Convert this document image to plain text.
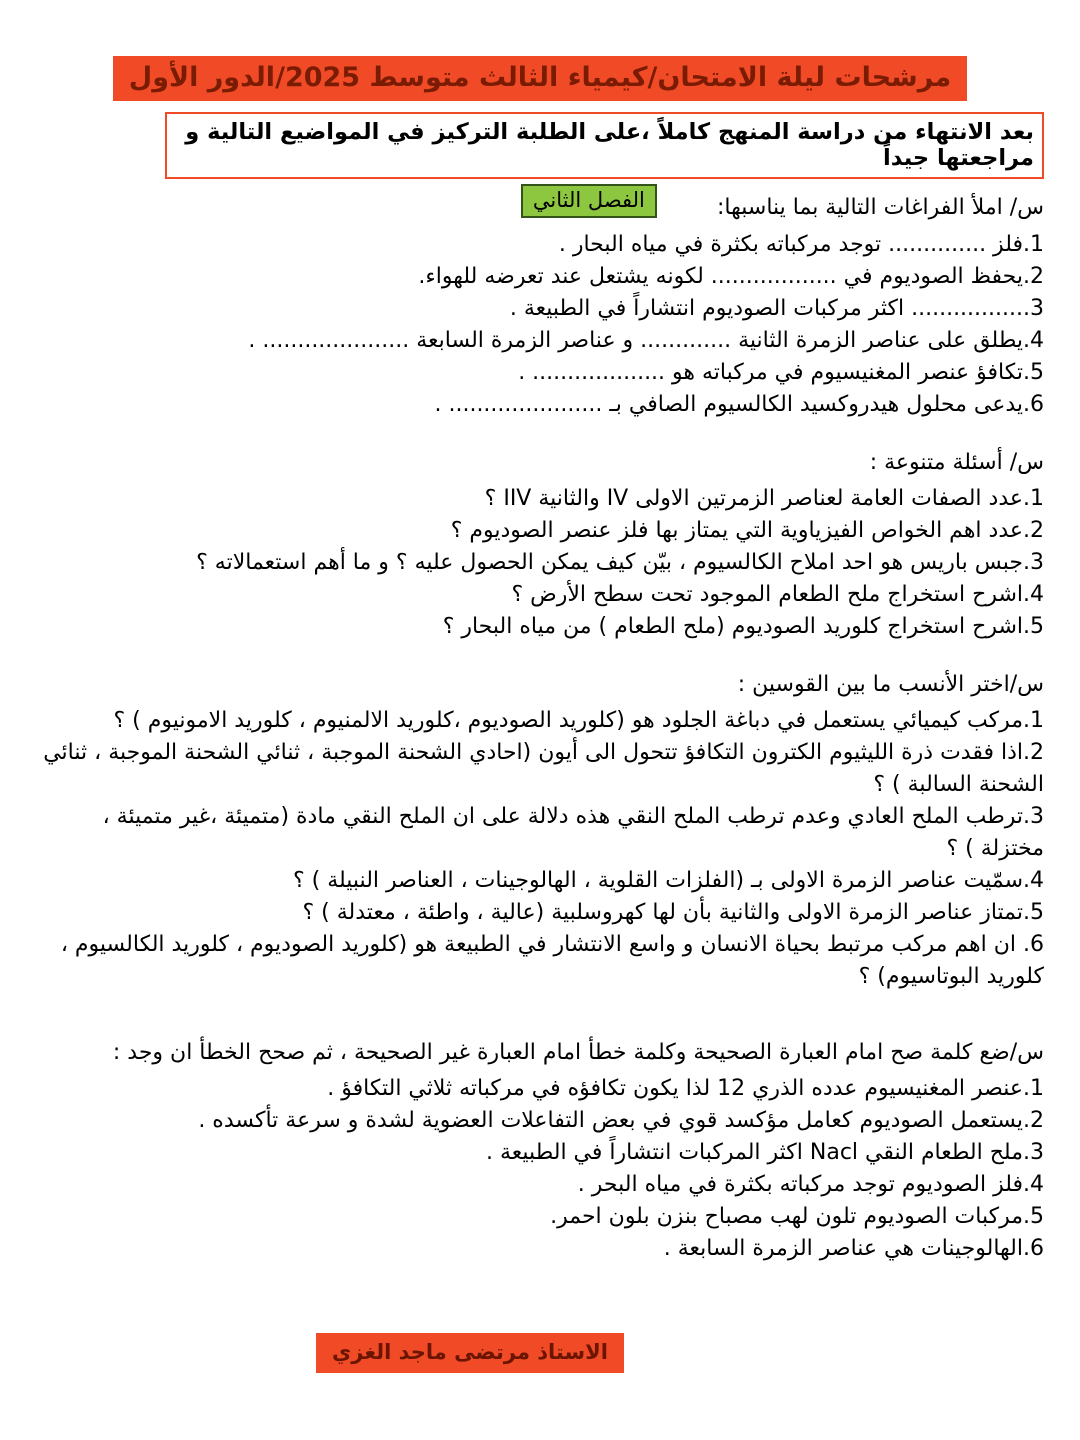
مرشحات ليلة الامتحان/كيمياء الثالث متوسط 2025/الدور الأول
بعد الانتهاء من دراسة المنهج كاملاً ،على الطلبة التركيز في المواضيع التالية و مراجعتها جيداً
س/ املأ الفراغات التالية بما يناسبها: الفصل الثاني
1.فلز .............. توجد مركباته بكثرة في مياه البحار .
2.يحفظ الصوديوم في .................. لكونه يشتعل عند تعرضه للهواء.
3................. اكثر مركبات الصوديوم انتشاراً في الطبيعة .
4.يطلق على عناصر الزمرة الثانية ............. و عناصر الزمرة السابعة ..................... .
5.تكافؤ عنصر المغنيسيوم في مركباته هو ................... .
6.يدعى محلول هيدروكسيد الكالسيوم الصافي بـ ...................... .
س/ أسئلة متنوعة :
1.عدد الصفات العامة لعناصر الزمرتين الاولى IV والثانية IIV ؟
2.عدد اهم الخواص الفيزياوية التي يمتاز بها فلز عنصر الصوديوم ؟
3.جبس باريس هو احد املاح الكالسيوم ، بيّن كيف يمكن الحصول عليه ؟ و ما أهم استعمالاته ؟
4.اشرح استخراج ملح الطعام الموجود تحت سطح الأرض ؟
5.اشرح استخراج كلوريد الصوديوم (ملح الطعام ) من مياه البحار ؟
س/اختر الأنسب ما بين القوسين :
1.مركب كيميائي يستعمل في دباغة الجلود هو (كلوريد الصوديوم ،كلوريد الالمنيوم ، كلوريد الامونيوم ) ؟
2.اذا فقدت ذرة الليثيوم الكترون التكافؤ تتحول الى أيون (احادي الشحنة الموجبة ، ثنائي الشحنة الموجبة ، ثنائي الشحنة السالبة ) ؟
3.ترطب الملح العادي وعدم ترطب الملح النقي هذه دلالة على ان الملح النقي مادة (متميئة ،غير متميئة ، مختزلة ) ؟
4.سمّيت عناصر الزمرة الاولى بـ (الفلزات القلوية ، الهالوجينات ، العناصر النبيلة ) ؟
5.تمتاز عناصر الزمرة الاولى والثانية بأن لها كهروسلبية (عالية ، واطئة ، معتدلة ) ؟
6. ان اهم مركب مرتبط بحياة الانسان و واسع الانتشار في الطبيعة هو (كلوريد الصوديوم ، كلوريد الكالسيوم ، كلوريد البوتاسيوم) ؟
س/ضع كلمة صح امام العبارة الصحيحة وكلمة خطأ امام العبارة غير الصحيحة ، ثم صحح الخطأ ان وجد :
1.عنصر المغنيسيوم عدده الذري 12 لذا يكون تكافؤه في مركباته ثلاثي التكافؤ .
2.يستعمل الصوديوم كعامل مؤكسد قوي في بعض التفاعلات العضوية لشدة و سرعة تأكسده .
3.ملح الطعام النقي Nacl اكثر المركبات انتشاراً في الطبيعة .
4.فلز الصوديوم توجد مركباته بكثرة في مياه البحر .
5.مركبات الصوديوم تلون لهب مصباح بنزن بلون احمر.
6.الهالوجينات هي عناصر الزمرة السابعة .
الاستاذ مرتضى ماجد الغزي
